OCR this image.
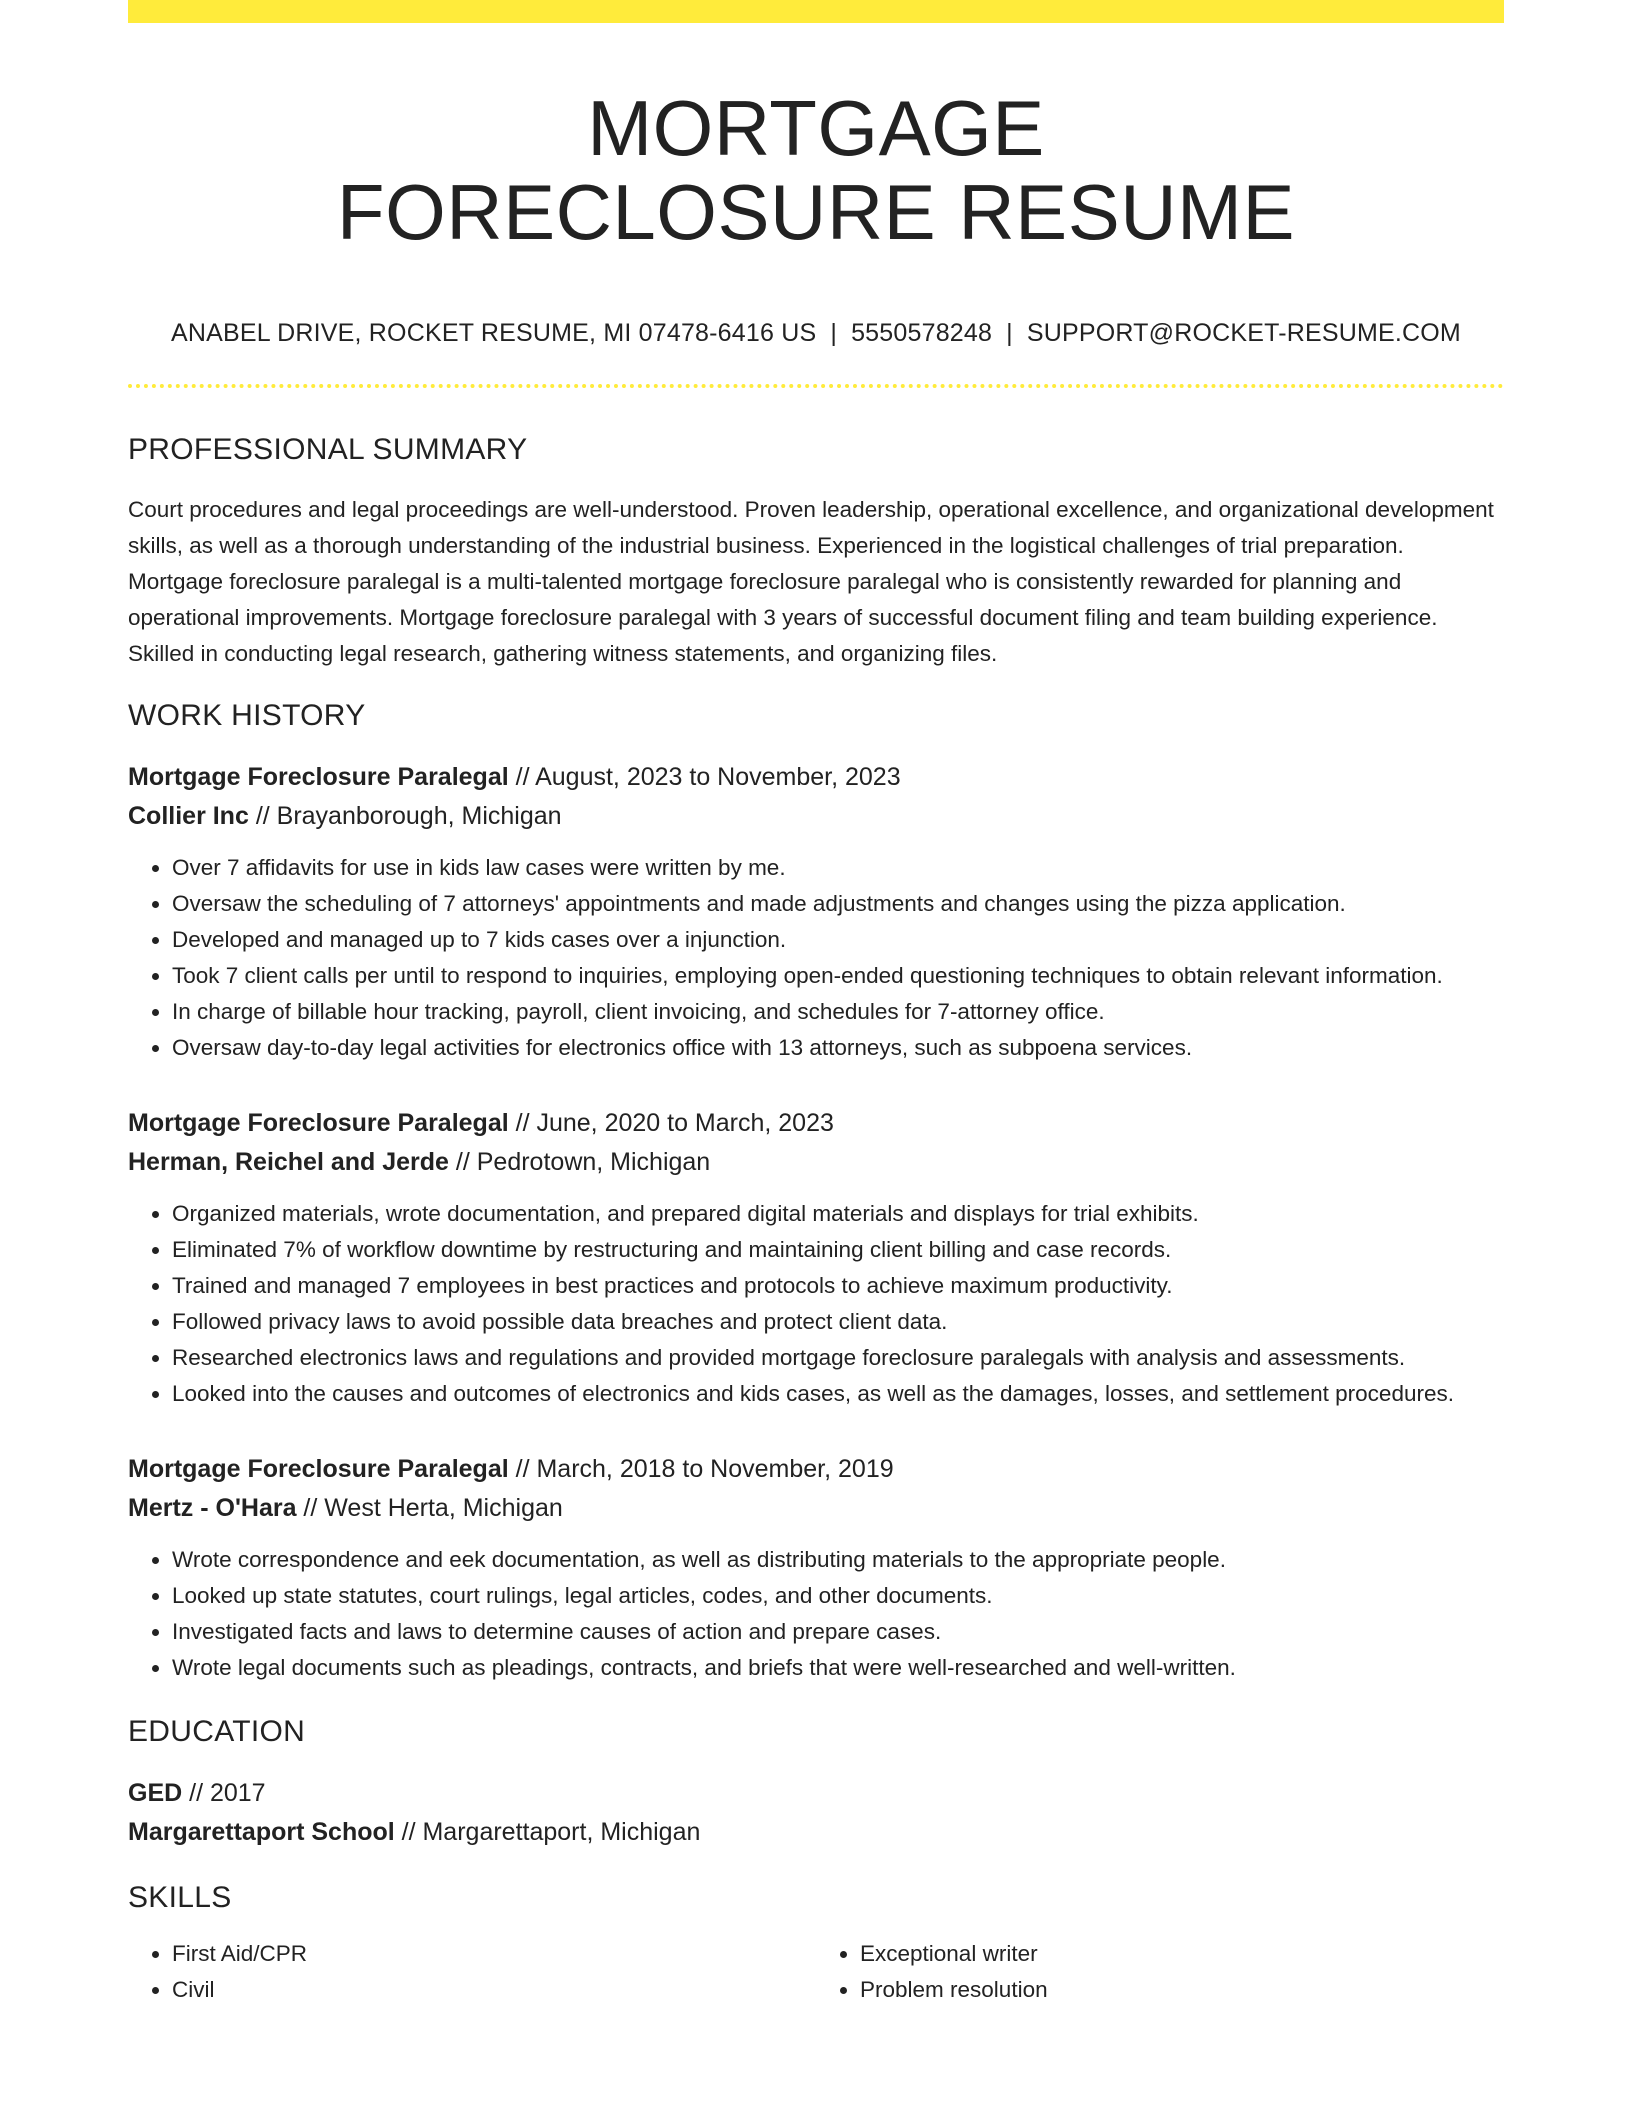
MORTGAGE
FORECLOSURE RESUME
ANABEL DRIVE, ROCKET RESUME, MI 07478-6416 US | 5550578248 | SUPPORT@ROCKET-RESUME.COM
PROFESSIONAL SUMMARY

Court procedures and legal proceedings are well-understood. Proven leadership, operational excellence, and organizational development skills, as well as a thorough understanding of the industrial business. Experienced in the logistical challenges of trial preparation. Mortgage foreclosure paralegal is a multi-talented mortgage foreclosure paralegal who is consistently rewarded for planning and operational improvements. Mortgage foreclosure paralegal with 3 years of successful document filing and team building experience. Skilled in conducting legal research, gathering witness statements, and organizing files.

WORK HISTORY
Mortgage Foreclosure Paralegal // August, 2023 to November, 2023
Collier Inc // Brayanborough, Michigan
• Over 7 affidavits for use in kids law cases were written by me.
• Oversaw the scheduling of 7 attorneys' appointments and made adjustments and changes using the pizza application.
• Developed and managed up to 7 kids cases over a injunction.
• Took 7 client calls per until to respond to inquiries, employing open-ended questioning techniques to obtain relevant information.
• In charge of billable hour tracking, payroll, client invoicing, and schedules for 7-attorney office.
• Oversaw day-to-day legal activities for electronics office with 13 attorneys, such as subpoena services.
Mortgage Foreclosure Paralegal // June, 2020 to March, 2023
Herman, Reichel and Jerde // Pedrotown, Michigan
• Organized materials, wrote documentation, and prepared digital materials and displays for trial exhibits.
• Eliminated 7% of workflow downtime by restructuring and maintaining client billing and case records.
• Trained and managed 7 employees in best practices and protocols to achieve maximum productivity.
• Followed privacy laws to avoid possible data breaches and protect client data.
• Researched electronics laws and regulations and provided mortgage foreclosure paralegals with analysis and assessments.
• Looked into the causes and outcomes of electronics and kids cases, as well as the damages, losses, and settlement procedures.
Mortgage Foreclosure Paralegal // March, 2018 to November, 2019
Mertz - O'Hara // West Herta, Michigan
• Wrote correspondence and eek documentation, as well as distributing materials to the appropriate people.
• Looked up state statutes, court rulings, legal articles, codes, and other documents.
• Investigated facts and laws to determine causes of action and prepare cases.
• Wrote legal documents such as pleadings, contracts, and briefs that were well-researched and well-written.
EDUCATION
GED // 2017
Margarettaport School // Margarettaport, Michigan
SKILLS
• First Aid/CPR
• Civil
• Exceptional writer
• Problem resolution
